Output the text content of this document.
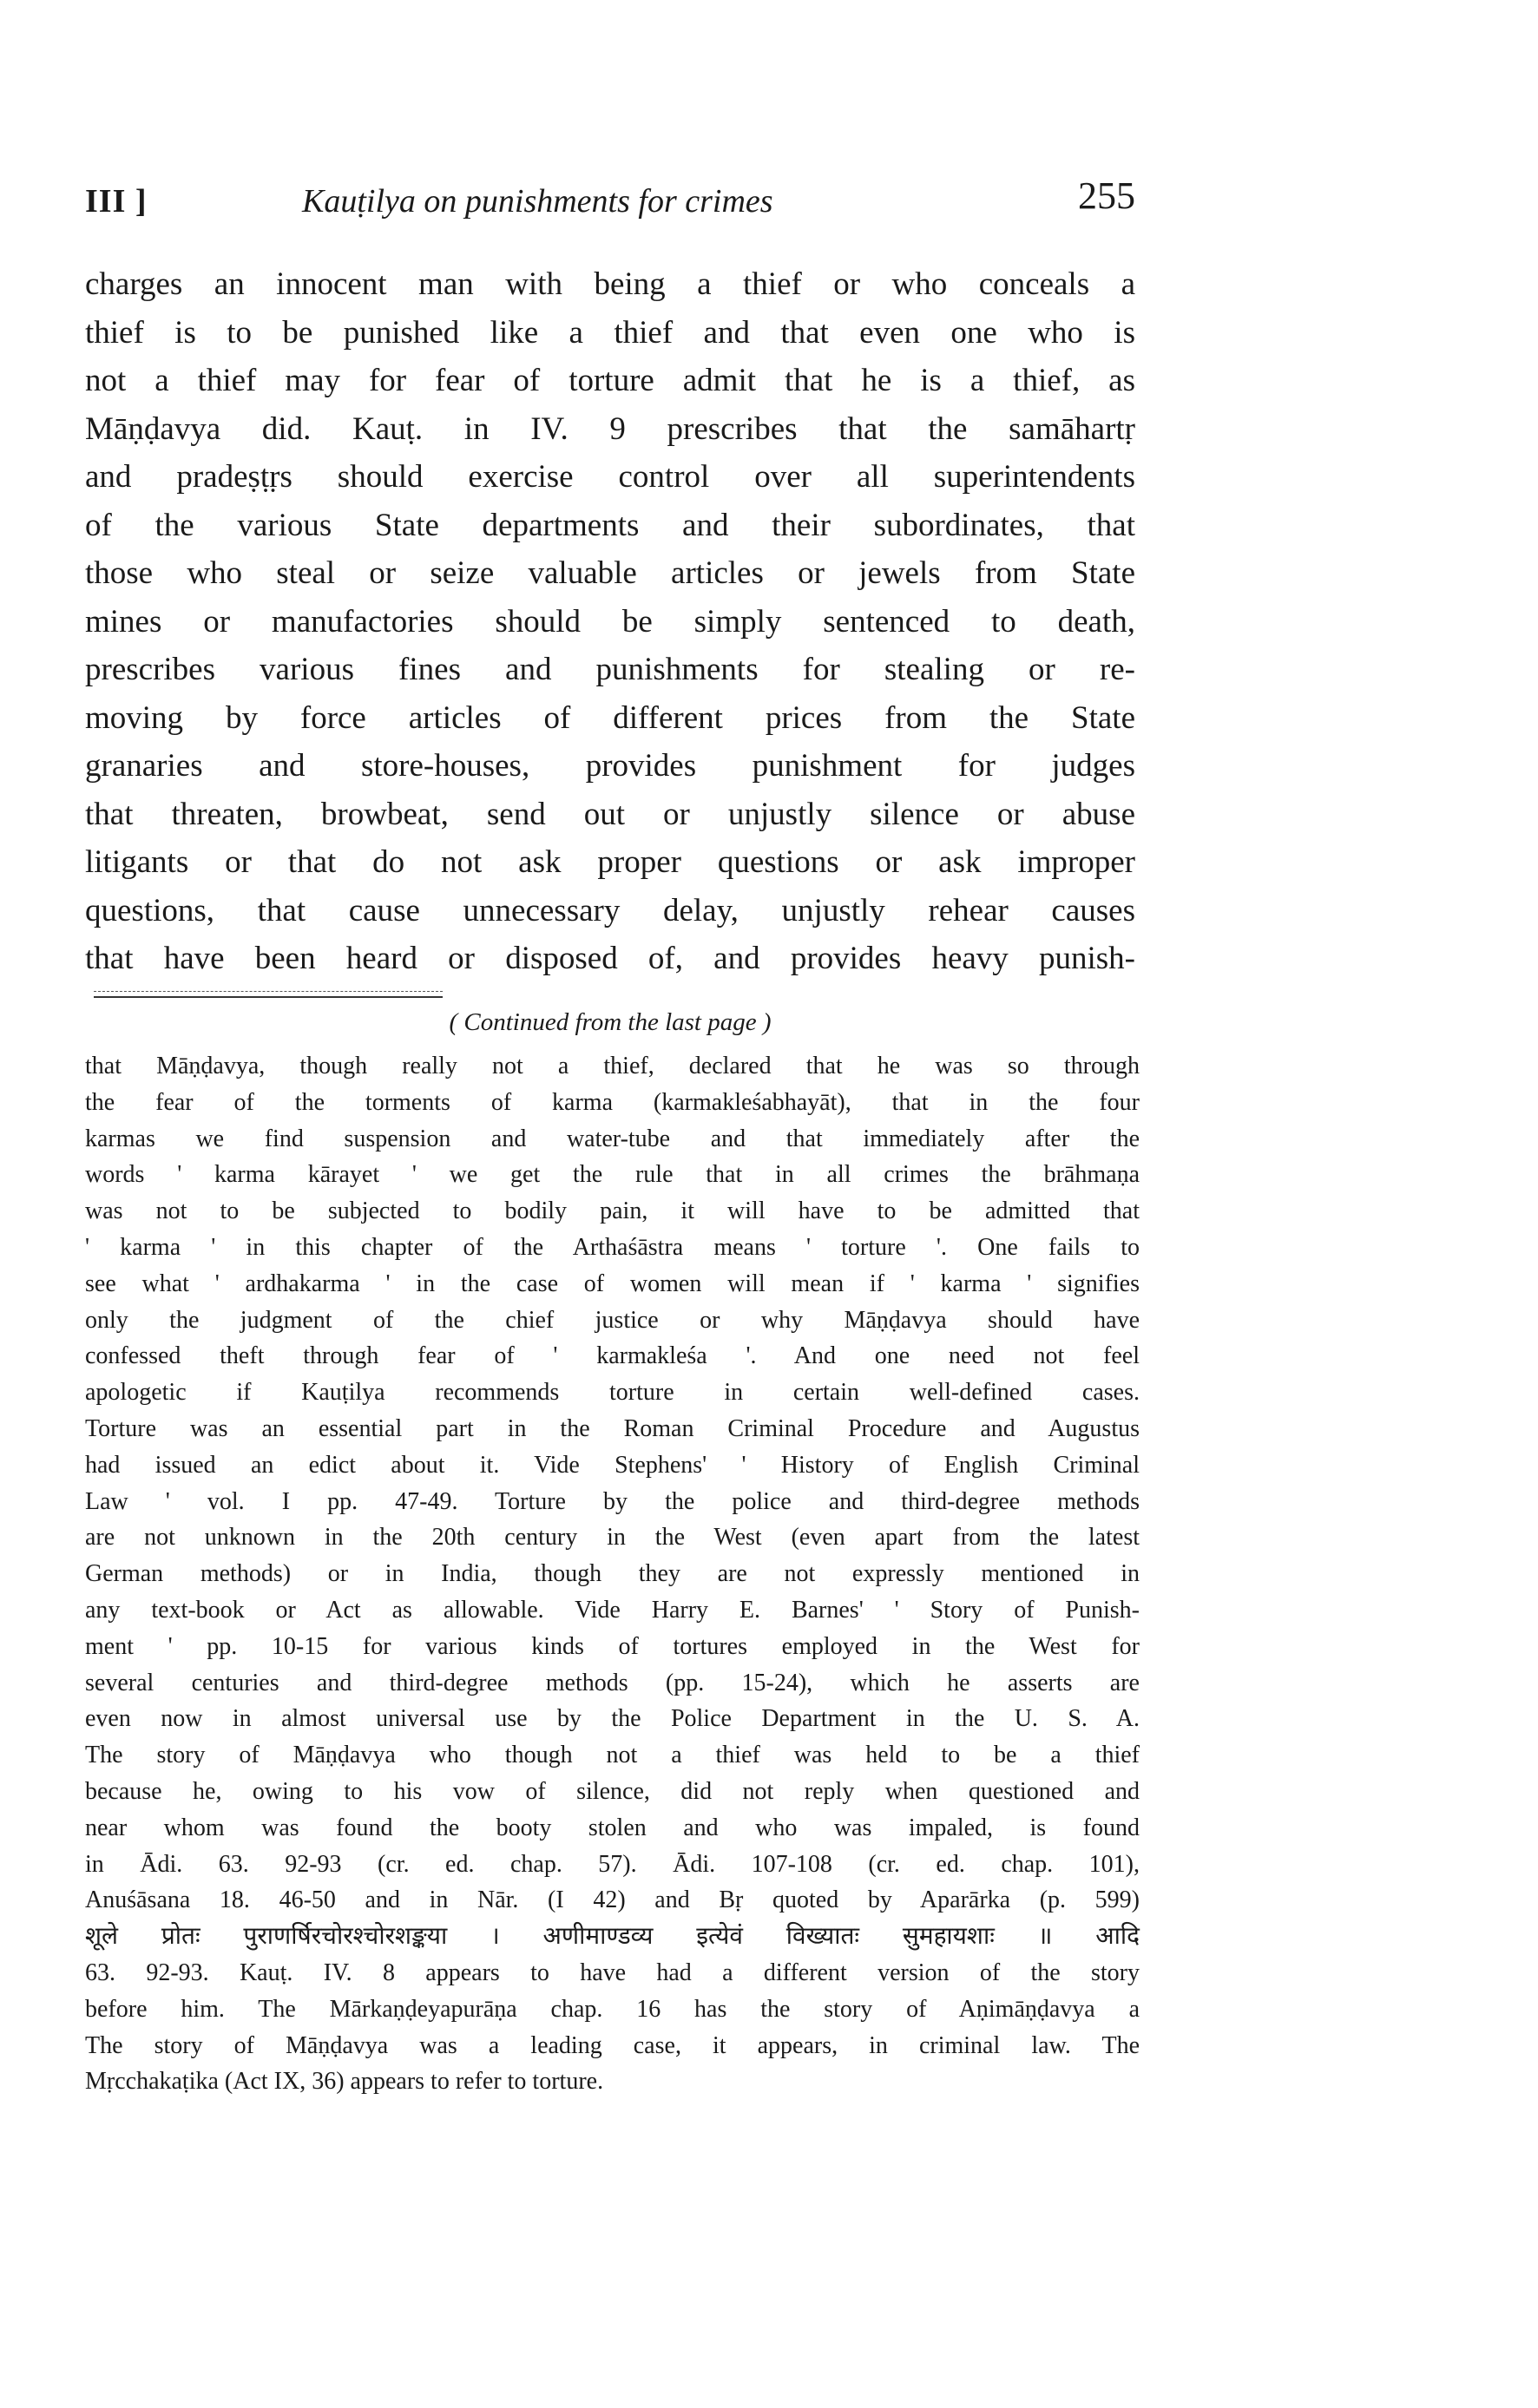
III ]	Kauṭilya on punishments for crimes	255
charges an innocent man with being a thief or who conceals a
thief is to be punished like a thief and that even one who is
not a thief may for fear of torture admit that he is a thief, as
Māṇḍavya did. Kauṭ. in IV. 9 prescribes that the samāhartṛ
and pradeṣṭṛs should exercise control over all superintendents
of the various State departments and their subordinates, that
those who steal or seize valuable articles or jewels from State
mines or manufactories should be simply sentenced to death,
prescribes various fines and punishments for stealing or re-
moving by force articles of different prices from the State
granaries and store-houses, provides punishment for judges
that threaten, browbeat, send out or unjustly silence or abuse
litigants or that do not ask proper questions or ask improper
questions, that cause unnecessary delay, unjustly rehear causes
that have been heard or disposed of, and provides heavy punish-
( Continued from the last page )
that Māṇḍavya, though really not a thief, declared that he was so through
the fear of the torments of karma (karmakleśabhayāt), that in the four
karmas we find suspension and water-tube and that immediately after the
words ' karma kārayet ' we get the rule that in all crimes the brāhmaṇa
was not to be subjected to bodily pain, it will have to be admitted that
' karma ' in this chapter of the Arthaśāstra means ' torture '. One fails to
see what ' ardhakarma ' in the case of women will mean if ' karma ' signifies
only the judgment of the chief justice or why Māṇḍavya should have
confessed theft through fear of ' karmakleśa '. And one need not feel
apologetic if Kauṭilya recommends torture in certain well-defined cases.
Torture was an essential part in the Roman Criminal Procedure and Augustus
had issued an edict about it. Vide Stephens' ' History of English Criminal
Law ' vol. I pp. 47-49. Torture by the police and third-degree methods
are not unknown in the 20th century in the West (even apart from the latest
German methods) or in India, though they are not expressly mentioned in
any text-book or Act as allowable. Vide Harry E. Barnes' ' Story of Punish-
ment ' pp. 10-15 for various kinds of tortures employed in the West for
several centuries and third-degree methods (pp. 15-24), which he asserts are
even now in almost universal use by the Police Department in the U. S. A.
The story of Māṇḍavya who though not a thief was held to be a thief
because he, owing to his vow of silence, did not reply when questioned and
near whom was found the booty stolen and who was impaled, is found
in Ādi. 63. 92-93 (cr. ed. chap. 57). Ādi. 107-108 (cr. ed. chap. 101),
Anuśāsana 18. 46-50 and in Nār. (I 42) and Bṛ quoted by Aparārka (p. 599)
शूले प्रोतः पुराणर्षिरचोरश्चोरशङ्कया । अणीमाण्डव्य इत्येवं विख्यातः सुमहायशाः ॥ आदि
63. 92-93. Kauṭ. IV. 8 appears to have had a different version of the story
before him. The Mārkaṇḍeyapurāṇa chap. 16 has the story of Aṇimāṇḍavya a
The story of Māṇḍavya was a leading case, it appears, in criminal law. The
Mṛcchakaṭika (Act IX, 36) appears to refer to torture.
